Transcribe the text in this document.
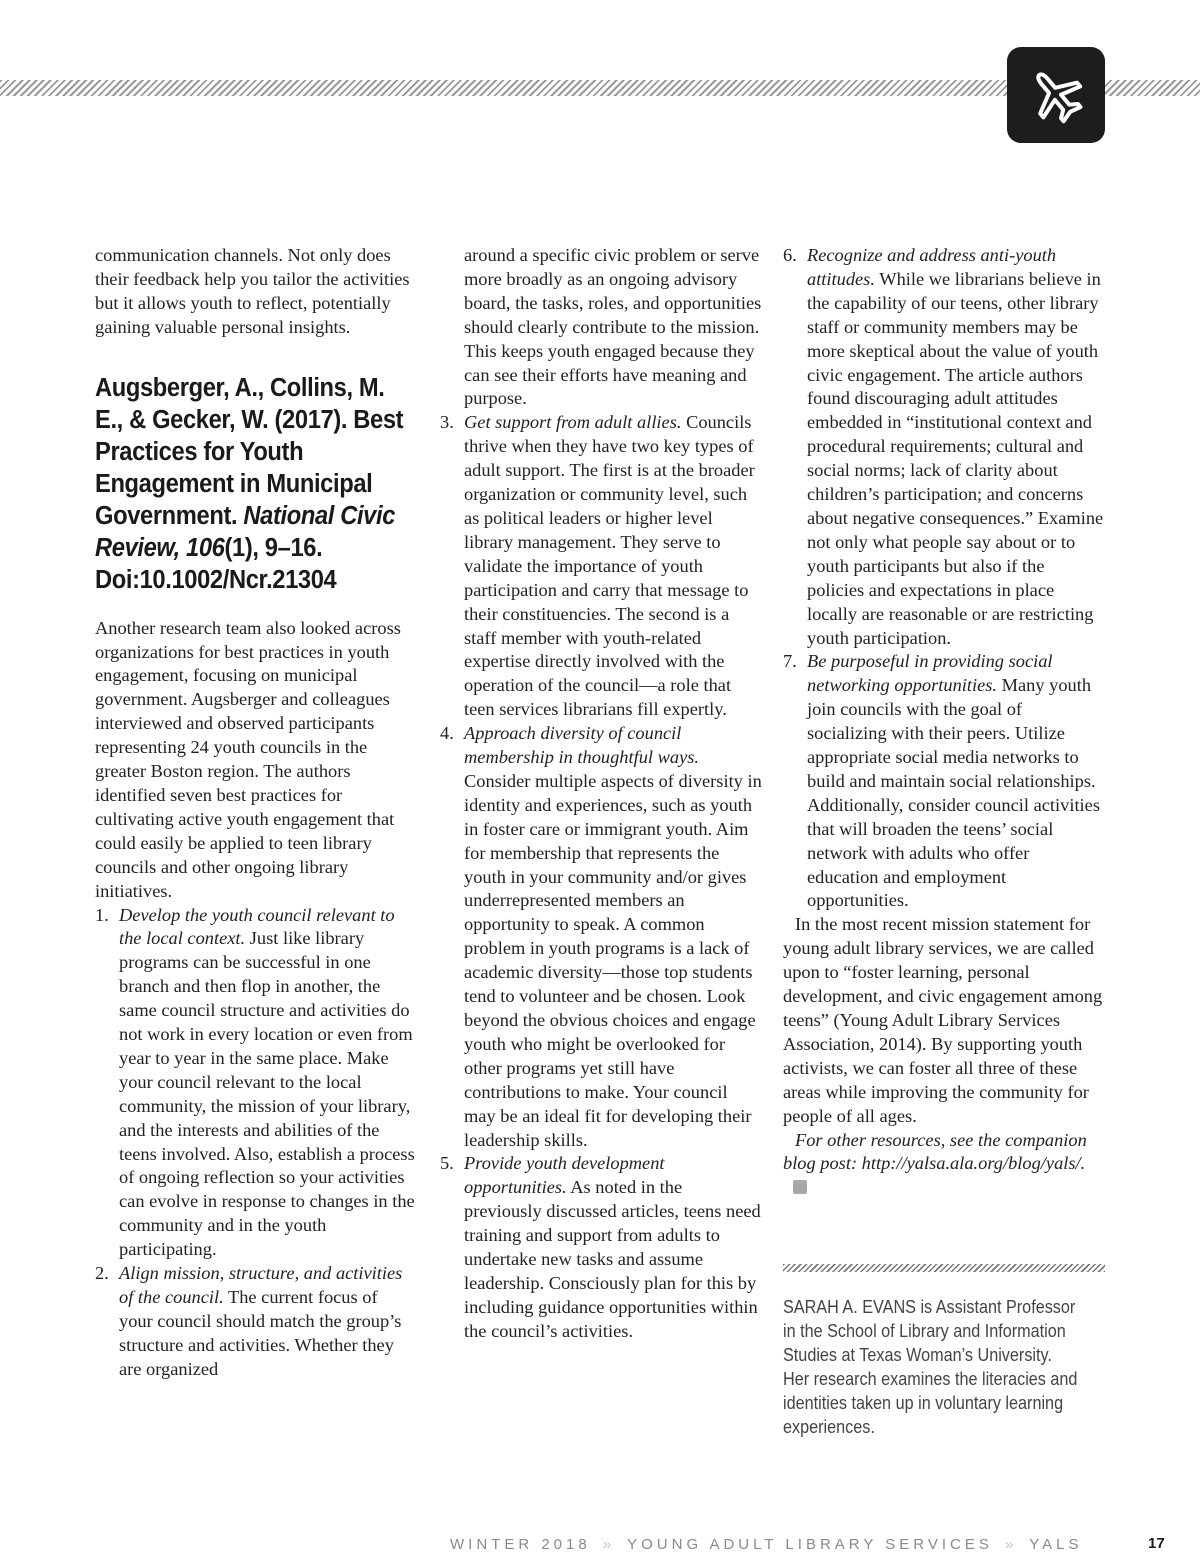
communication channels. Not only does their feedback help you tailor the activities but it allows youth to reflect, potentially gaining valuable personal insights.

Augsberger, A., Collins, M. E., & Gecker, W. (2017). Best Practices for Youth Engagement in Municipal Government. National Civic Review, 106(1), 9–16. Doi:10.1002/Ncr.21304

Another research team also looked across organizations for best practices in youth engagement, focusing on municipal government. Augsberger and colleagues interviewed and observed participants representing 24 youth councils in the greater Boston region. The authors identified seven best practices for cultivating active youth engagement that could easily be applied to teen library councils and other ongoing library initiatives.

1. Develop the youth council relevant to the local context. Just like library programs can be successful in one branch and then flop in another, the same council structure and activities do not work in every location or even from year to year in the same place. Make your council relevant to the local community, the mission of your library, and the interests and abilities of the teens involved. Also, establish a process of ongoing reflection so your activities can evolve in response to changes in the community and in the youth participating.
2. Align mission, structure, and activities of the council. The current focus of your council should match the group’s structure and activities. Whether they are organized
around a specific civic problem or serve more broadly as an ongoing advisory board, the tasks, roles, and opportunities should clearly contribute to the mission. This keeps youth engaged because they can see their efforts have meaning and purpose.
3. Get support from adult allies. Councils thrive when they have two key types of adult support. The first is at the broader organization or community level, such as political leaders or higher level library management. They serve to validate the importance of youth participation and carry that message to their constituencies. The second is a staff member with youth-related expertise directly involved with the operation of the council—a role that teen services librarians fill expertly.
4. Approach diversity of council membership in thoughtful ways. Consider multiple aspects of diversity in identity and experiences, such as youth in foster care or immigrant youth. Aim for membership that represents the youth in your community and/or gives underrepresented members an opportunity to speak. A common problem in youth programs is a lack of academic diversity—those top students tend to volunteer and be chosen. Look beyond the obvious choices and engage youth who might be overlooked for other programs yet still have contributions to make. Your council may be an ideal fit for developing their leadership skills.
5. Provide youth development opportunities. As noted in the previously discussed articles, teens need training and support from adults to undertake new tasks and assume leadership. Consciously plan for this by including guidance opportunities within the council’s activities.
6. Recognize and address anti-youth attitudes. While we librarians believe in the capability of our teens, other library staff or community members may be more skeptical about the value of youth civic engagement. The article authors found discouraging adult attitudes embedded in “institutional context and procedural requirements; cultural and social norms; lack of clarity about children’s participation; and concerns about negative consequences.” Examine not only what people say about or to youth participants but also if the policies and expectations in place locally are reasonable or are restricting youth participation.
7. Be purposeful in providing social networking opportunities. Many youth join councils with the goal of socializing with their peers. Utilize appropriate social media networks to build and maintain social relationships. Additionally, consider council activities that will broaden the teens’ social network with adults who offer education and employment opportunities.

In the most recent mission statement for young adult library services, we are called upon to “foster learning, personal development, and civic engagement among teens” (Young Adult Library Services Association, 2014). By supporting youth activists, we can foster all three of these areas while improving the community for people of all ages.

For other resources, see the companion blog post: http://yalsa.ala.org/blog/yals/.

SARAH A. EVANS is Assistant Professor in the School of Library and Information Studies at Texas Woman’s University. Her research examines the literacies and identities taken up in voluntary learning experiences.
WINTER 2018 » YOUNG ADULT LIBRARY SERVICES » YALS	17
